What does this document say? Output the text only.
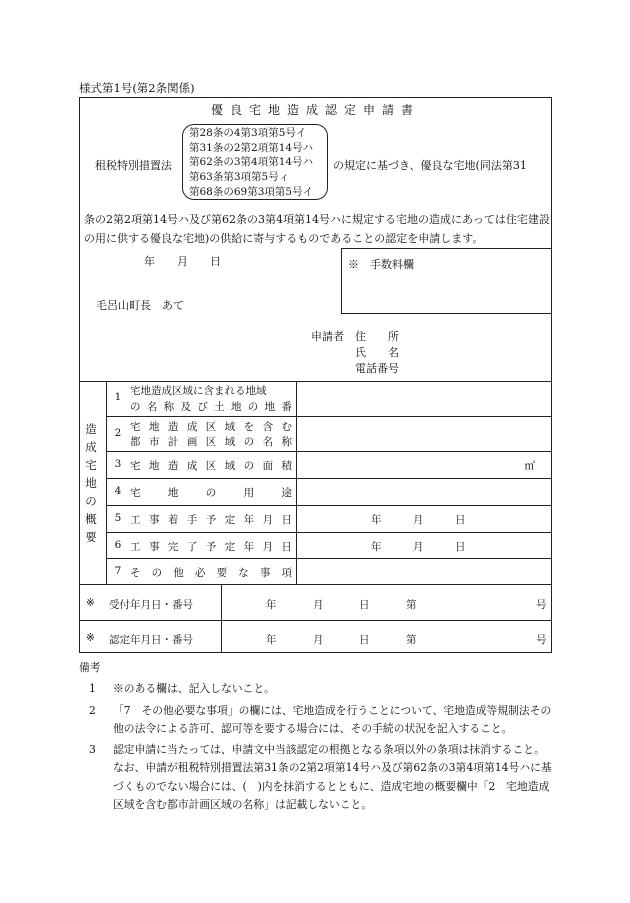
様式第1号(第2条関係)
優良宅地造成認定申請書
租税特別措置法
第28条の4第3項第5号イ
第31条の2第2項第14号ハ
第62条の3第4項第14号ハ
第63条第3項第5号ィ
第68条の69第3項第5号イ
の規定に基づき、優良な宅地(同法第31
条の2第2項第14号ハ及び第62条の3第4項第14号ハに規定する宅地の造成にあっては住宅建設の用に供する優良な宅地)の供給に寄与するものであることの認定を申請します。
年　　月　　日	※　手数料欄
毛呂山町長　あて
申請者	住　　所
氏　　名
電話番号
造
成
宅
地
の
概
要
1 宅地造成区域に含まれる地域
の 名 称 及 び 土 地 の 地 番
2 宅 地 造 成 区 域 を 含 む
都 市 計 画 区 域 の 名 称
3 宅 地 造 成 区 域 の 面 積	㎡
4 宅	地	の	用	途
5 工 事 着 手 予 定 年 月 日	年　　　月　　　日
6 工 事 完 了 予 定 年 月 日	年　　　月　　　日
7 そ の 他 必 要 な 事 項
※ 受付年月日・番号	年	月	日	第	号
※ 認定年月日・番号	年	月	日	第	号
備考
1 ※のある欄は、記入しないこと。
2 「7　その他必要な事項」の欄には、宅地造成を行うことについて、宅地造成等規制法その他の法令による許可、認可等を要する場合には、その手続の状況を記入すること。
3 認定申請に当たっては、申請文中当該認定の根拠となる条項以外の条項は抹消すること。なお、申請が租税特別措置法第31条の2第2項第14号ハ及び第62条の3第4項第14号ハに基づくものでない場合には、(　)内を抹消するとともに、造成宅地の概要欄中「2　宅地造成区域を含む都市計画区域の名称」は記載しないこと。
